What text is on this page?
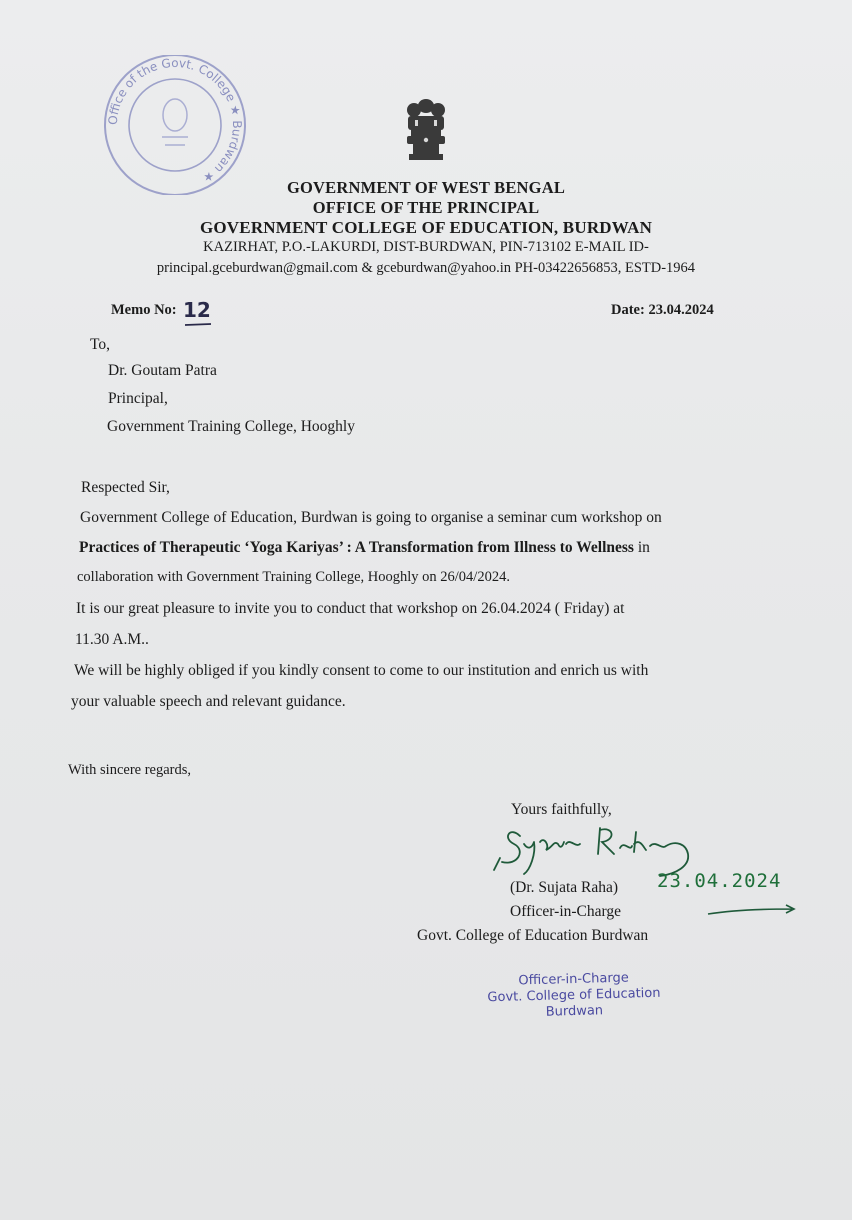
Office of the Govt. College ★ Burdwan ★
GOVERNMENT OF WEST BENGAL
OFFICE OF THE PRINCIPAL
GOVERNMENT COLLEGE OF EDUCATION, BURDWAN
KAZIRHAT, P.O.-LAKURDI, DIST-BURDWAN, PIN-713102 E-MAIL ID-
principal.gceburdwan@gmail.com & gceburdwan@yahoo.in PH-03422656853, ESTD-1964
Memo No: 12	Date: 23.04.2024
To,
Dr. Goutam Patra
Principal,
Government Training College, Hooghly
Respected Sir,
Government College of Education, Burdwan is going to organise a seminar cum workshop on
Practices of Therapeutic ‘Yoga Kariyas’ : A Transformation from Illness to Wellness in
collaboration with Government Training College, Hooghly on 26/04/2024.
It is our great pleasure to invite you to conduct that workshop on 26.04.2024 ( Friday) at
11.30 A.M..
We will be highly obliged if you kindly consent to come to our institution and enrich us with
your valuable speech and relevant guidance.
With sincere regards,
Yours faithfully,
(Dr. Sujata Raha) 23.04.2024
Officer-in-Charge
Govt. College of Education Burdwan
Officer-in-Charge
Govt. College of Education
Burdwan
